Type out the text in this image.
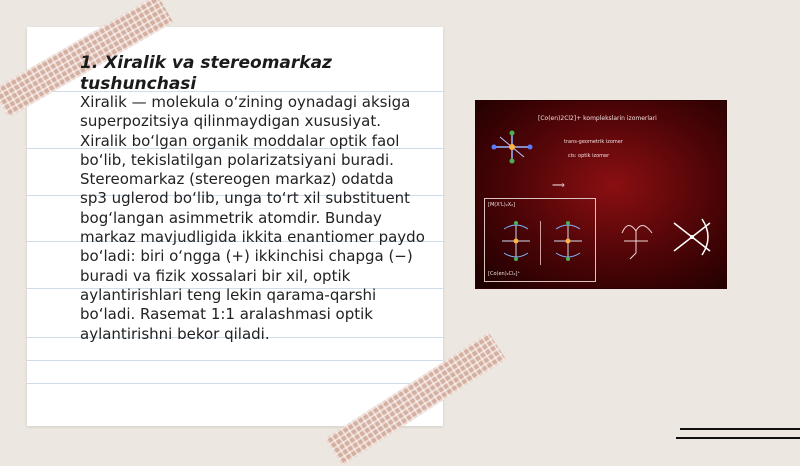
1. Xiralik va stereomarkaz tushunchasi
Xiralik — molekula o‘zining oynadagi aksiga superpozitsiya qilinmaydigan xususiyat. Xiralik bo‘lgan organik moddalar optik faol bo‘lib, tekislatilgan polarizatsiyani buradi. Stereomarkaz (stereogen markaz) odatda sp3 uglerod bo‘lib, unga to‘rt xil substituent bog‘langan asimmetrik atomdir. Bunday markaz mavjudligida ikkita enantiomer paydo bo‘ladi: biri o‘ngga (+) ikkinchisi chapga (−) buradi va fizik xossalari bir xil, optik aylantirishlari teng lekin qarama-qarshi bo‘ladi. Rasemat 1:1 aralashmasi optik aylantirishni bekor qiladi.
[Co(en)2Cl2]+ komplekslarin izomerlari
trans-geometrik izomer
cis: optik izomer
⟹
[M(X'L)₂X₂]
[Co(en)₂Cl₂]⁺
